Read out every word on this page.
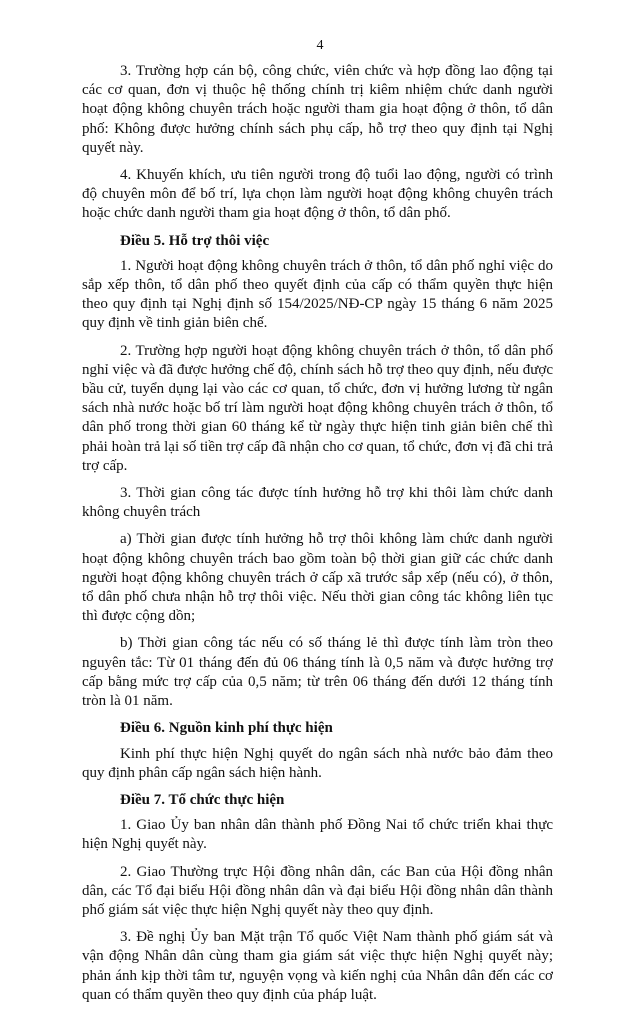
4

3. Trường hợp cán bộ, công chức, viên chức và hợp đồng lao động tại các cơ quan, đơn vị thuộc hệ thống chính trị kiêm nhiệm chức danh người hoạt động không chuyên trách hoặc người tham gia hoạt động ở thôn, tổ dân phố: Không được hưởng chính sách phụ cấp, hỗ trợ theo quy định tại Nghị quyết này.

4. Khuyến khích, ưu tiên người trong độ tuổi lao động, người có trình độ chuyên môn để bố trí, lựa chọn làm người hoạt động không chuyên trách hoặc chức danh người tham gia hoạt động ở thôn, tổ dân phố.

Điều 5. Hỗ trợ thôi việc

1. Người hoạt động không chuyên trách ở thôn, tổ dân phố nghỉ việc do sắp xếp thôn, tổ dân phố theo quyết định của cấp có thẩm quyền thực hiện theo quy định tại Nghị định số 154/2025/NĐ-CP ngày 15 tháng 6 năm 2025 quy định về tinh giản biên chế.

2. Trường hợp người hoạt động không chuyên trách ở thôn, tổ dân phố nghỉ việc và đã được hưởng chế độ, chính sách hỗ trợ theo quy định, nếu được bầu cử, tuyển dụng lại vào các cơ quan, tổ chức, đơn vị hưởng lương từ ngân sách nhà nước hoặc bố trí làm người hoạt động không chuyên trách ở thôn, tổ dân phố trong thời gian 60 tháng kể từ ngày thực hiện tinh giản biên chế thì phải hoàn trả lại số tiền trợ cấp đã nhận cho cơ quan, tổ chức, đơn vị đã chi trả trợ cấp.

3. Thời gian công tác được tính hưởng hỗ trợ khi thôi làm chức danh không chuyên trách

a) Thời gian được tính hưởng hỗ trợ thôi không làm chức danh người hoạt động không chuyên trách bao gồm toàn bộ thời gian giữ các chức danh người hoạt động không chuyên trách ở cấp xã trước sắp xếp (nếu có), ở thôn, tổ dân phố chưa nhận hỗ trợ thôi việc. Nếu thời gian công tác không liên tục thì được cộng dồn;

b) Thời gian công tác nếu có số tháng lẻ thì được tính làm tròn theo nguyên tắc: Từ 01 tháng đến đủ 06 tháng tính là 0,5 năm và được hưởng trợ cấp bằng mức trợ cấp của 0,5 năm; từ trên 06 tháng đến dưới 12 tháng tính tròn là 01 năm.

Điều 6. Nguồn kinh phí thực hiện

Kinh phí thực hiện Nghị quyết do ngân sách nhà nước bảo đảm theo quy định phân cấp ngân sách hiện hành.

Điều 7. Tổ chức thực hiện

1. Giao Ủy ban nhân dân thành phố Đồng Nai tổ chức triển khai thực hiện Nghị quyết này.

2. Giao Thường trực Hội đồng nhân dân, các Ban của Hội đồng nhân dân, các Tổ đại biểu Hội đồng nhân dân và đại biểu Hội đồng nhân dân thành phố giám sát việc thực hiện Nghị quyết này theo quy định.

3. Đề nghị Ủy ban Mặt trận Tổ quốc Việt Nam thành phố giám sát và vận động Nhân dân cùng tham gia giám sát việc thực hiện Nghị quyết này; phản ánh kịp thời tâm tư, nguyện vọng và kiến nghị của Nhân dân đến các cơ quan có thẩm quyền theo quy định của pháp luật.
